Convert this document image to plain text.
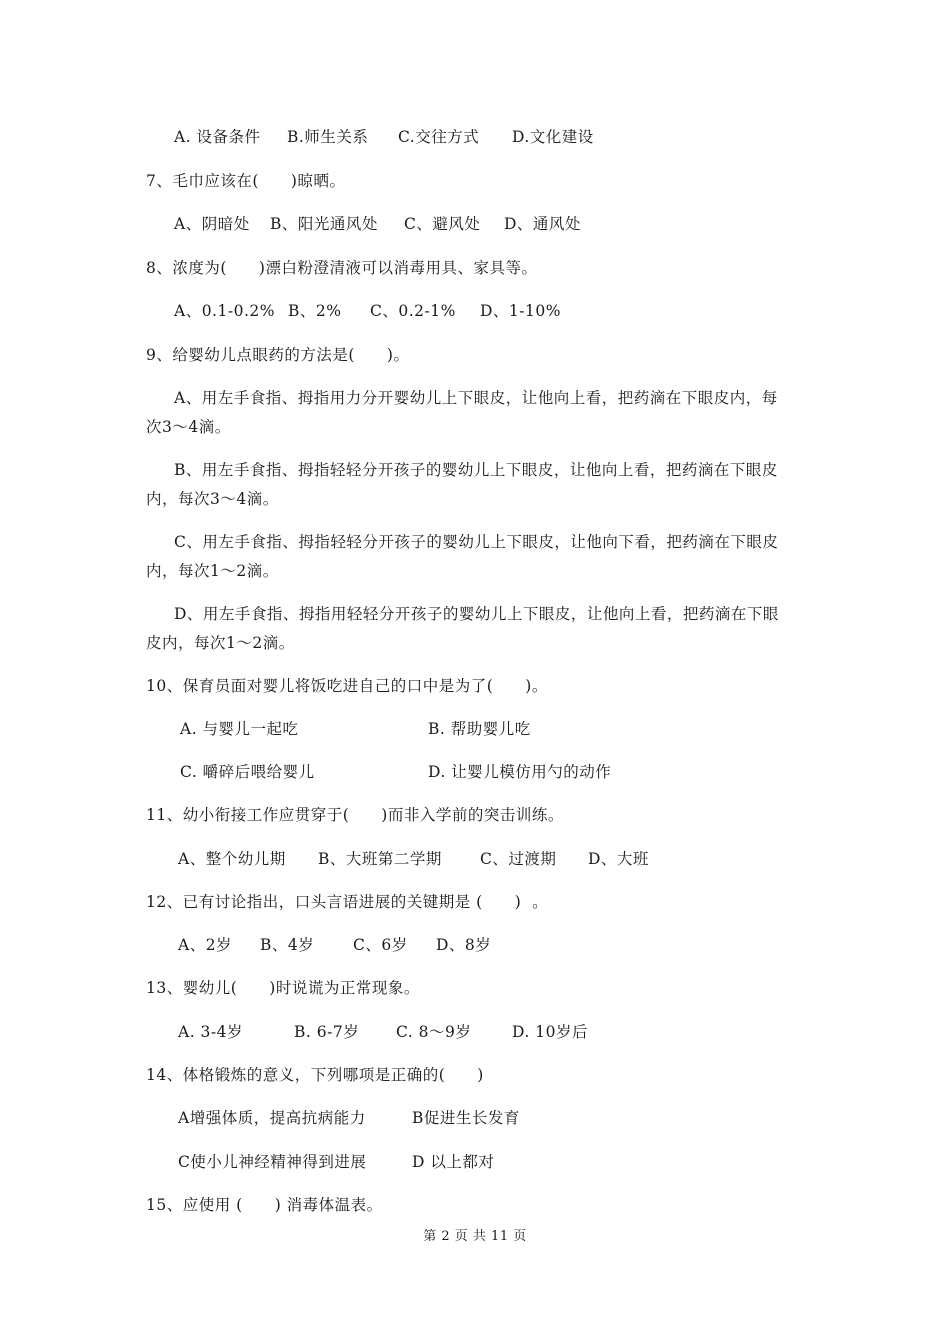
A. 设备条件 B.师生关系 C.交往方式 D.文化建设
7、毛巾应该在(　　)晾晒。
A、阴暗处 B、阳光通风处 C、避风处 D、通风处
8、浓度为(　　)漂白粉澄清液可以消毒用具、家具等。
A、0.1-0.2% B、2% C、0.2-1% D、1-10%
9、给婴幼儿点眼药的方法是(　　)。
A、用左手食指、拇指用力分开婴幼儿上下眼皮，让他向上看，把药滴在下眼皮内，每
次3～4滴。
B、用左手食指、拇指轻轻分开孩子的婴幼儿上下眼皮，让他向上看，把药滴在下眼皮
内，每次3～4滴。
C、用左手食指、拇指轻轻分开孩子的婴幼儿上下眼皮，让他向下看，把药滴在下眼皮
内，每次1～2滴。
D、用左手食指、拇指用轻轻分开孩子的婴幼儿上下眼皮，让他向上看，把药滴在下眼
皮内，每次1～2滴。
10、保育员面对婴儿将饭吃进自己的口中是为了(　　)。
A. 与婴儿一起吃	B. 帮助婴儿吃
C. 嚼碎后喂给婴儿	D. 让婴儿模仿用勺的动作
11、幼小衔接工作应贯穿于(　　)而非入学前的突击训练。
A、整个幼儿期 B、大班第二学期 C、过渡期 D、大班
12、已有讨论指出，口头言语进展的关键期是 (　　)  。
A、2岁 B、4岁 C、6岁 D、8岁
13、婴幼儿(　　)时说谎为正常现象。
A. 3-4岁	B. 6-7岁 C. 8～9岁	D. 10岁后
14、体格锻炼的意义，下列哪项是正确的(　　)
A增强体质，提高抗病能力	B促进生长发育
C使小儿神经精神得到进展	D 以上都对
15、应使用 (　　) 消毒体温表。
第 2 页 共 11 页
